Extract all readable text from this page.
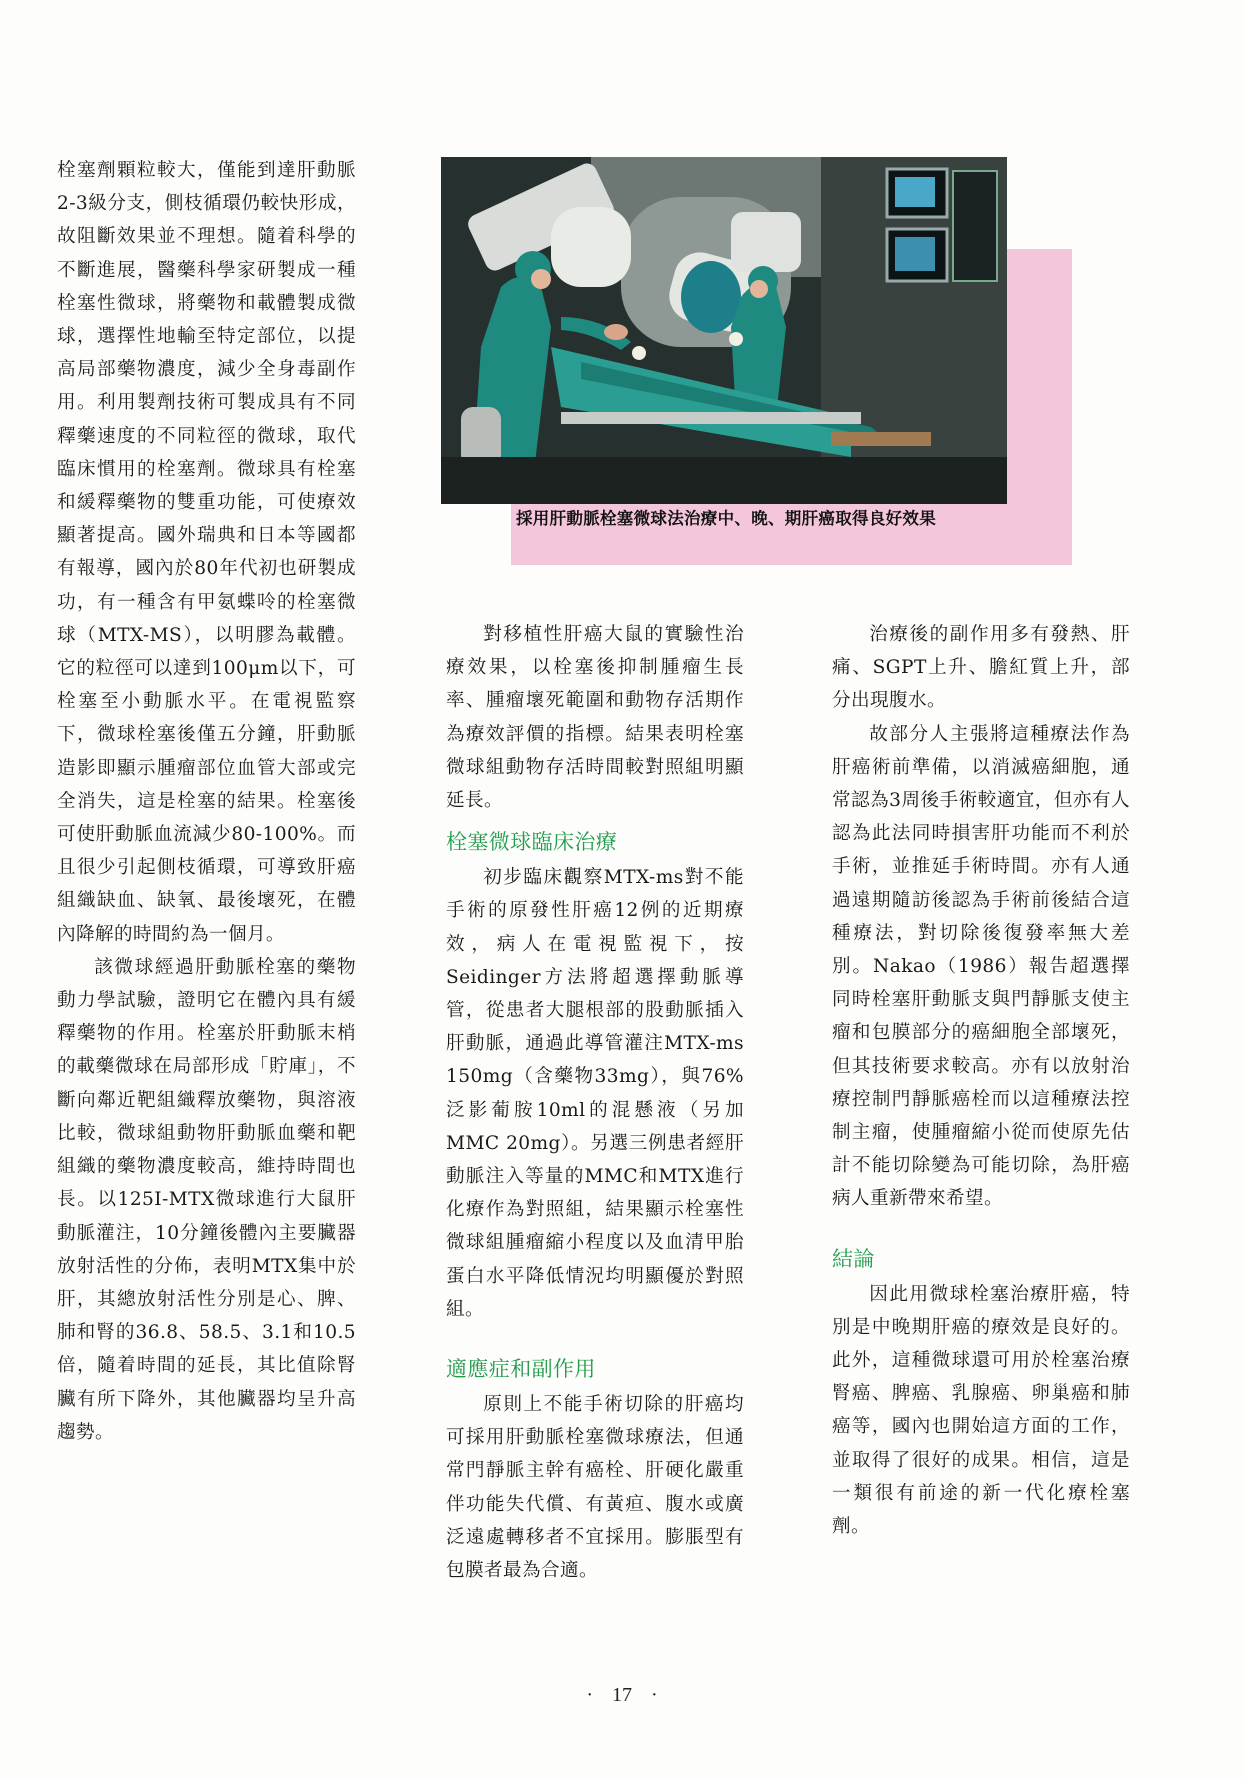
栓塞劑顆粒較大，僅能到達肝動脈2-3級分支，側枝循環仍較快形成，故阻斷效果並不理想。隨着科學的不斷進展，醫藥科學家研製成一種栓塞性微球，將藥物和載體製成微球，選擇性地輸至特定部位，以提高局部藥物濃度，減少全身毒副作用。利用製劑技術可製成具有不同釋藥速度的不同粒徑的微球，取代臨床慣用的栓塞劑。微球具有栓塞和緩釋藥物的雙重功能，可使療效顯著提高。國外瑞典和日本等國都有報導，國內於80年代初也研製成功，有一種含有甲氨蝶呤的栓塞微球（MTX-MS），以明膠為載體。它的粒徑可以達到100μm以下，可栓塞至小動脈水平。在電視監察下，微球栓塞後僅五分鐘，肝動脈造影即顯示腫瘤部位血管大部或完全消失，這是栓塞的結果。栓塞後可使肝動脈血流減少80-100%。而且很少引起側枝循環，可導致肝癌組織缺血、缺氧、最後壞死，在體內降解的時間約為一個月。

該微球經過肝動脈栓塞的藥物動力學試驗，證明它在體內具有緩釋藥物的作用。栓塞於肝動脈末梢的載藥微球在局部形成「貯庫」，不斷向鄰近靶組織釋放藥物，與溶液比較，微球組動物肝動脈血藥和靶組織的藥物濃度較高，維持時間也長。以125I-MTX微球進行大鼠肝動脈灌注，10分鐘後體內主要臟器放射活性的分佈，表明MTX集中於肝，其總放射活性分別是心、脾、肺和腎的36.8、58.5、3.1和10.5倍，隨着時間的延長，其比值除腎臟有所下降外，其他臟器均呈升高趨勢。

採用肝動脈栓塞微球法治療中、晚、期肝癌取得良好效果

對移植性肝癌大鼠的實驗性治療效果，以栓塞後抑制腫瘤生長率、腫瘤壞死範圍和動物存活期作為療效評價的指標。結果表明栓塞微球組動物存活時間較對照組明顯延長。

栓塞微球臨床治療

初步臨床觀察MTX-ms對不能手術的原發性肝癌12例的近期療效，病人在電視監視下，按Seidinger方法將超選擇動脈導管，從患者大腿根部的股動脈插入肝動脈，通過此導管灌注MTX-ms 150mg（含藥物33mg），與76%泛影葡胺10ml的混懸液（另加MMC 20mg）。另選三例患者經肝動脈注入等量的MMC和MTX進行化療作為對照組，結果顯示栓塞性微球組腫瘤縮小程度以及血清甲胎蛋白水平降低情況均明顯優於對照組。

適應症和副作用

原則上不能手術切除的肝癌均可採用肝動脈栓塞微球療法，但通常門靜脈主幹有癌栓、肝硬化嚴重伴功能失代償、有黃疸、腹水或廣泛遠處轉移者不宜採用。膨脹型有包膜者最為合適。

治療後的副作用多有發熱、肝痛、SGPT上升、膽紅質上升，部分出現腹水。

故部分人主張將這種療法作為肝癌術前準備，以消滅癌細胞，通常認為3周後手術較適宜，但亦有人認為此法同時損害肝功能而不利於手術，並推延手術時間。亦有人通過遠期隨訪後認為手術前後結合這種療法，對切除後復發率無大差別。Nakao（1986）報告超選擇同時栓塞肝動脈支與門靜脈支使主瘤和包膜部分的癌細胞全部壞死，但其技術要求較高。亦有以放射治療控制門靜脈癌栓而以這種療法控制主瘤，使腫瘤縮小從而使原先估計不能切除變為可能切除，為肝癌病人重新帶來希望。

結論

因此用微球栓塞治療肝癌，特別是中晚期肝癌的療效是良好的。此外，這種微球還可用於栓塞治療腎癌、脾癌、乳腺癌、卵巢癌和肺癌等，國內也開始這方面的工作，並取得了很好的成果。相信，這是一類很有前途的新一代化療栓塞劑。

· 17 ·
